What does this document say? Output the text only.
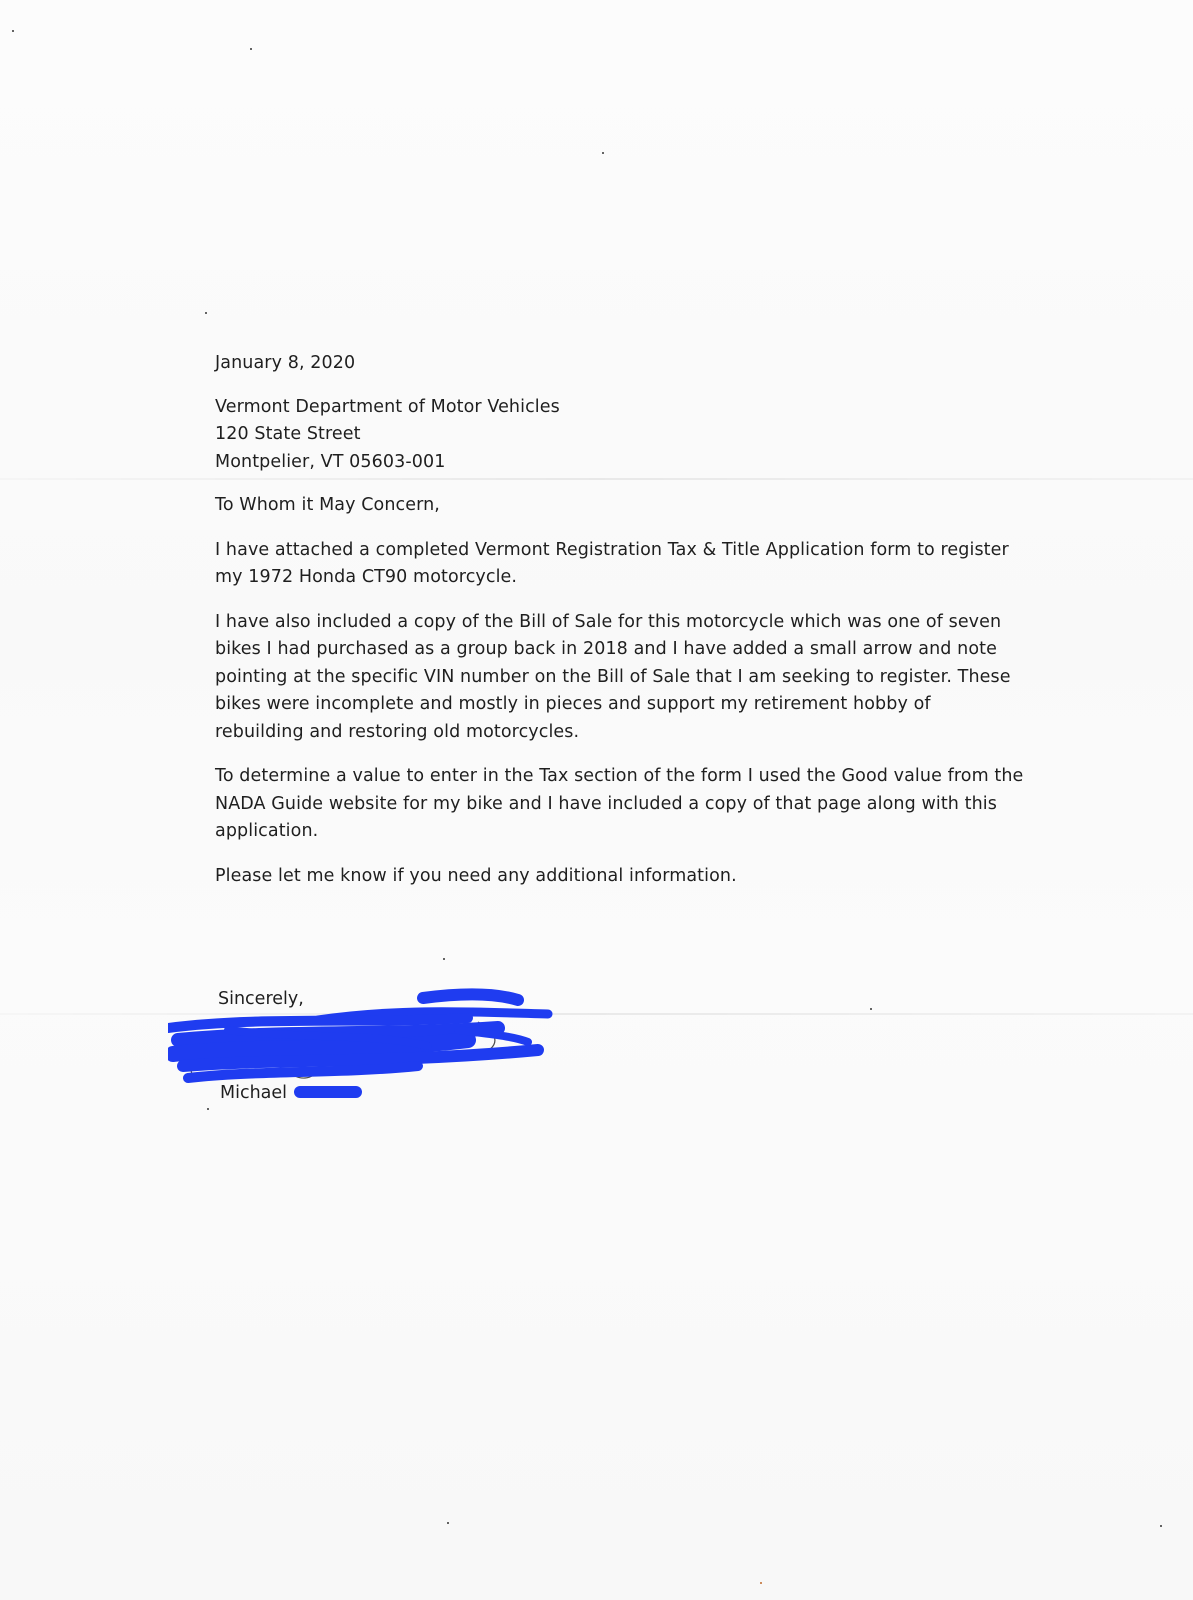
January 8, 2020
Vermont Department of Motor Vehicles
120 State Street
Montpelier, VT 05603-001
To Whom it May Concern,
I have attached a completed Vermont Registration Tax & Title Application form to register
my 1972 Honda CT90 motorcycle.
I have also included a copy of the Bill of Sale for this motorcycle which was one of seven
bikes I had purchased as a group back in 2018 and I have added a small arrow and note
pointing at the specific VIN number on the Bill of Sale that I am seeking to register. These
bikes were incomplete and mostly in pieces and support my retirement hobby of
rebuilding and restoring old motorcycles.
To determine a value to enter in the Tax section of the form I used the Good value from the
NADA Guide website for my bike and I have included a copy of that page along with this
application.
Please let me know if you need any additional information.
Sincerely,
Michael
